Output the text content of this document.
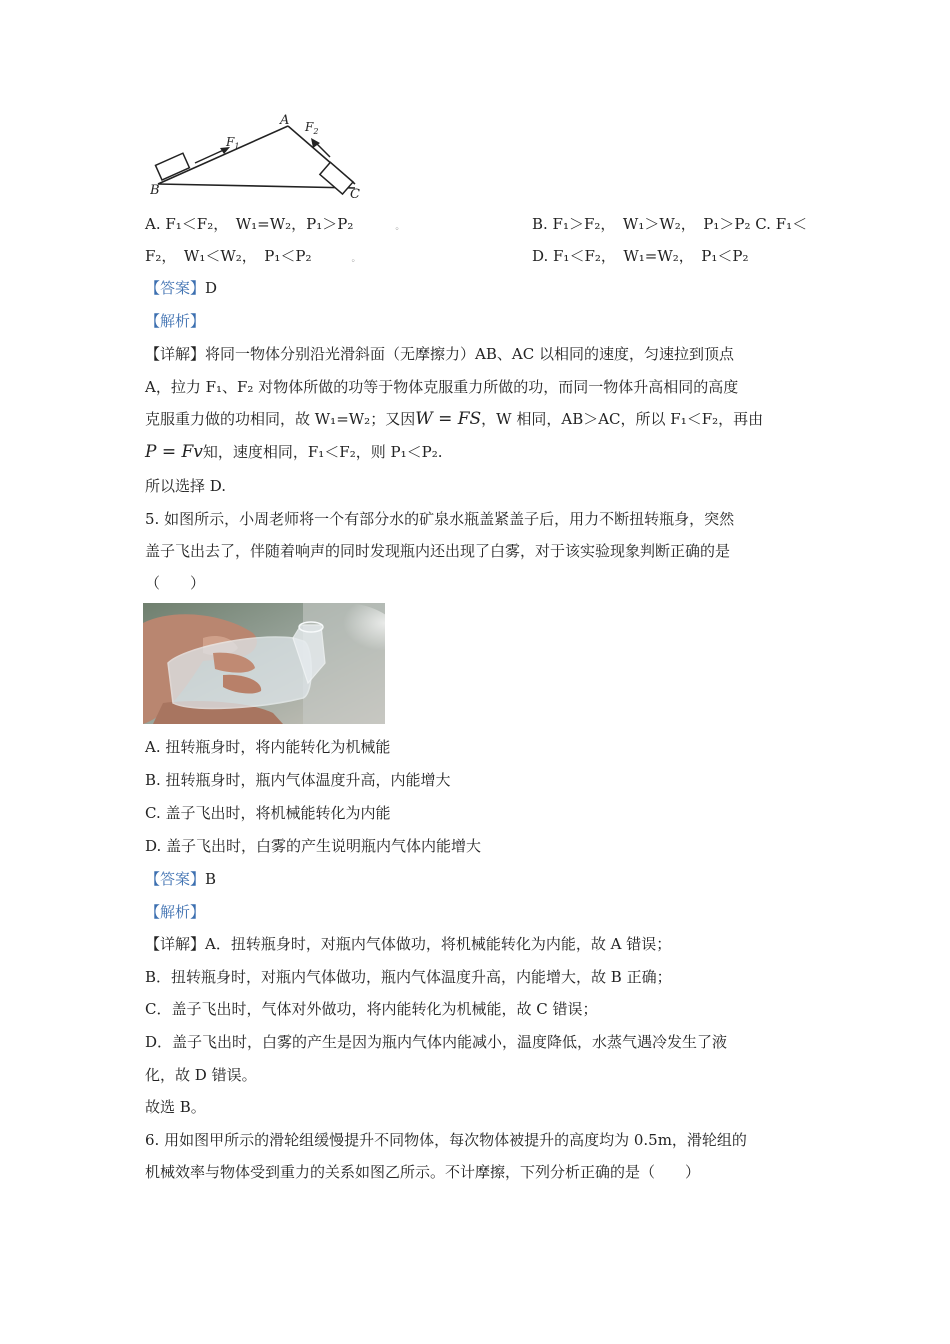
A
B	C
$F_1$
$F_2$
A. F₁＜F₂，　W₁=W₂，P₁＞P₂	。	B. F₁＞F₂，　W₁＞W₂，　P₁＞P₂ C. F₁＜
F₂，　W₁＜W₂，　P₁＜P₂	。	D. F₁＜F₂，　W₁=W₂，　P₁＜P₂
【答案】D
【解析】
【详解】将同一物体分别沿光滑斜面（无摩擦力）AB、AC 以相同的速度，匀速拉到顶点
A，拉力 F₁、F₂ 对物体所做的功等于物体克服重力所做的功，而同一物体升高相同的高度
克服重力做的功相同，故 W₁=W₂；又因W = FS，W 相同，AB＞AC，所以 F₁＜F₂，再由
P = Fv知，速度相同，F₁＜F₂，则 P₁＜P₂.
所以选择 D.
5. 如图所示，小周老师将一个有部分水的矿泉水瓶盖紧盖子后，用力不断扭转瓶身，突然
盖子飞出去了，伴随着响声的同时发现瓶内还出现了白雾，对于该实验现象判断正确的是
（　　）
A. 扭转瓶身时，将内能转化为机械能
B. 扭转瓶身时，瓶内气体温度升高，内能增大
C. 盖子飞出时，将机械能转化为内能
D. 盖子飞出时，白雾的产生说明瓶内气体内能增大
【答案】B
【解析】
【详解】A．扭转瓶身时，对瓶内气体做功，将机械能转化为内能，故 A 错误；
B．扭转瓶身时，对瓶内气体做功，瓶内气体温度升高，内能增大，故 B 正确；
C．盖子飞出时，气体对外做功，将内能转化为机械能，故 C 错误；
D．盖子飞出时，白雾的产生是因为瓶内气体内能减小，温度降低，水蒸气遇冷发生了液
化，故 D 错误。
故选 B。
6. 用如图甲所示的滑轮组缓慢提升不同物体，每次物体被提升的高度均为 0.5m，滑轮组的
机械效率与物体受到重力的关系如图乙所示。不计摩擦，下列分析正确的是（　　）
